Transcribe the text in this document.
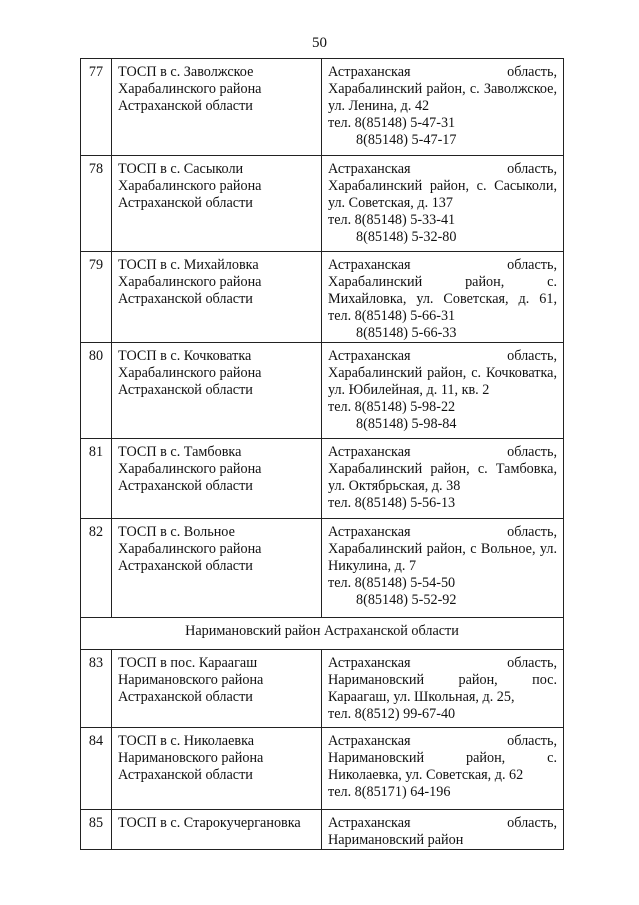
50
77	ТОСП в с. Заволжское Харабалинского района Астраханской области	Астраханская область, Харабалинский район, с. Заволжское, ул. Ленина, д. 42
тел. 8(85148) 5-47-31
8(85148) 5-47-17

78	ТОСП в с. Сасыколи Харабалинского района Астраханской области	Астраханская область, Харабалинский район, с. Сасыколи, ул. Советская, д. 137
тел. 8(85148) 5-33-41
8(85148) 5-32-80

79	ТОСП в с. Михайловка Харабалинского района Астраханской области	Астраханская область, Харабалинский район, с. Михайловка, ул. Советская, д. 61, тел. 8(85148) 5-66-31
8(85148) 5-66-33

80	ТОСП в с. Кочковатка Харабалинского района Астраханской области	Астраханская область, Харабалинский район, с. Кочковатка, ул. Юбилейная, д. 11, кв. 2
тел. 8(85148) 5-98-22
8(85148) 5-98-84

81	ТОСП в с. Тамбовка Харабалинского района Астраханской области	Астраханская область, Харабалинский район, с. Тамбовка, ул. Октябрьская, д. 38
тел. 8(85148) 5-56-13

82	ТОСП в с. Вольное Харабалинского района Астраханской области	Астраханская область, Харабалинский район, с Вольное, ул. Никулина, д. 7
тел. 8(85148) 5-54-50
8(85148) 5-52-92

Наримановский район Астраханской области		
83	ТОСП в пос. Караагаш Наримановского района Астраханской области	Астраханская область, Наримановский район, пос. Караагаш, ул. Школьная, д. 25,
тел. 8(8512) 99-67-40

84	ТОСП в с. Николаевка Наримановского района Астраханской области	Астраханская область, Наримановский район, с. Николаевка, ул. Советская, д. 62
тел. 8(85171) 64-196

85	ТОСП в с. Старокучергановка	Астраханская область, Наримановский район
